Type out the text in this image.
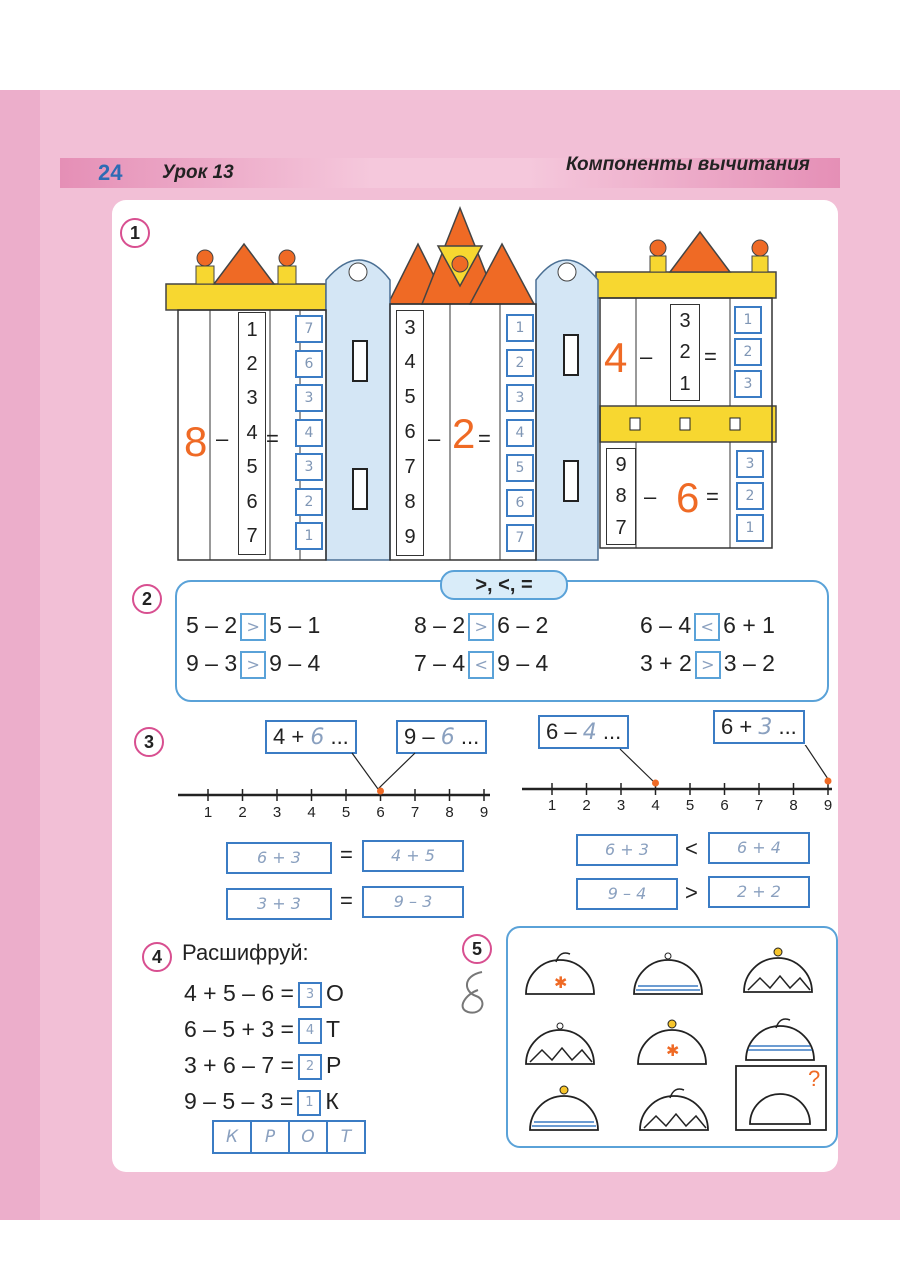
24 Урок 13	Компоненты вычитания
1
8 – =
1
2
3
4
5
6
7
7
6
3
4
3
2
1
3
4
5
6
7
8
9
– 2 =
1
2
3
4
5
6
7
4 – =
3
2
1
1
2
3
9
8
7
– 6 =
3
2
1
2
>, <, =
5 – 2 > 5 – 1	8 – 2 > 6 – 2	6 – 4 < 6 + 1
9 – 3 > 9 – 4	7 – 4 < 9 – 4	3 + 2 > 3 – 2
3	4 + 6 ...	9 – 6 ...	6 – 4 ...	6 + 3 ...
1 2 3 4 5 6 7 8 9	1 2 3 4 5 6 7 8 9
6 + 3	=	4 + 5
3 + 3	=	9 – 3
6 + 3	<	6 + 4
9 – 4	>	2 + 2
4 Расшифруй:
4 + 5 – 6 = 3 О
6 – 5 + 3 = 4 Т
3 + 6 – 7 = 2 Р
9 – 5 – 3 = 1 К
К	Р	О	Т
5
✱
✱
?
